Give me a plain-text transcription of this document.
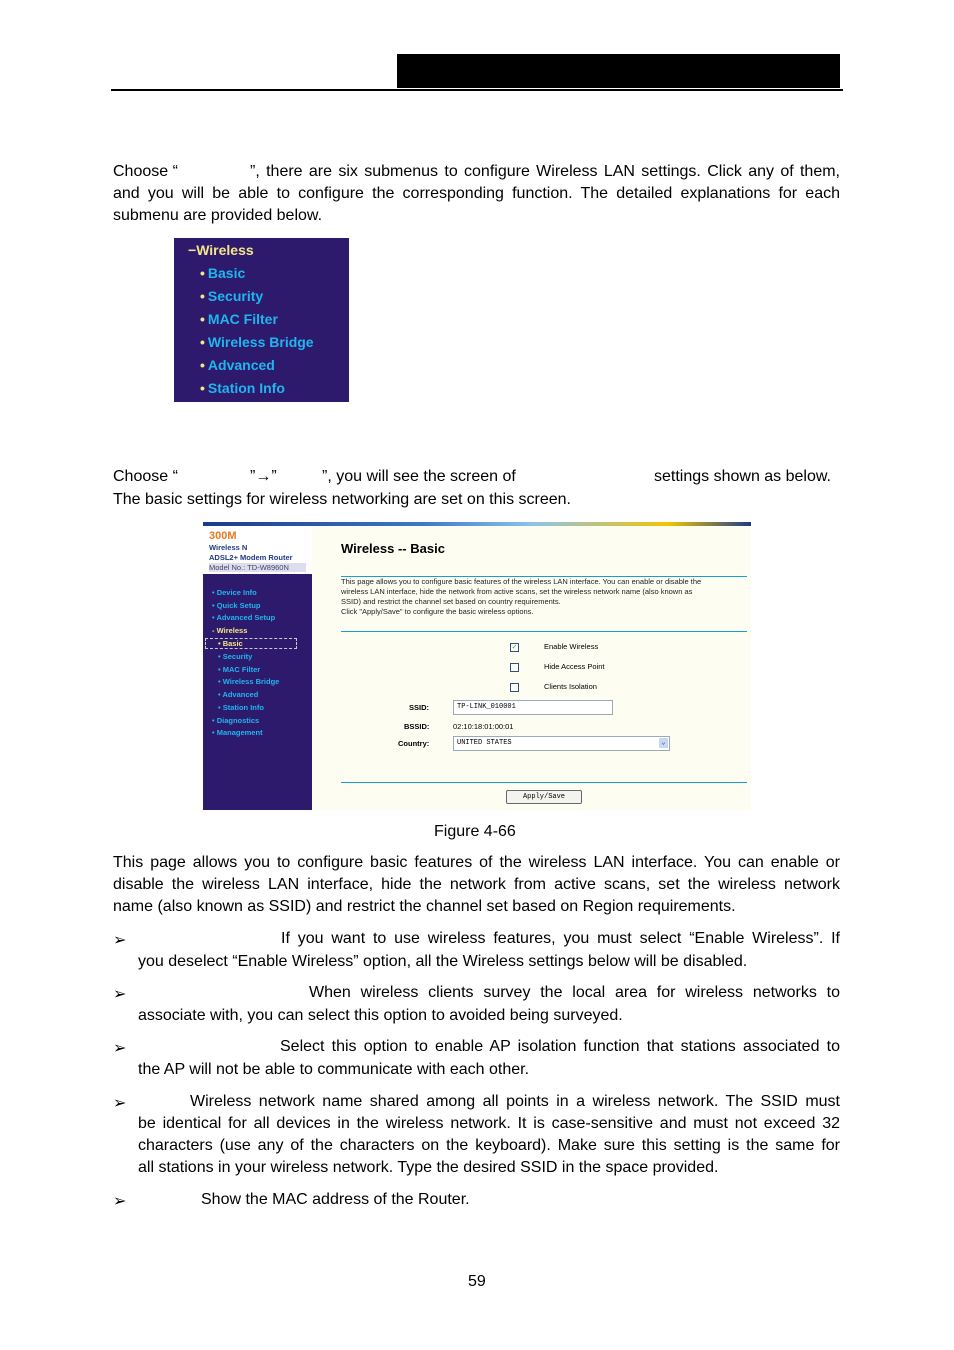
Choose “	”, there are six submenus to configure Wireless LAN settings. Click any of them,
and you will be able to configure the corresponding function. The detailed explanations for each
submenu are provided below.
−Wireless
• Basic
• Security
• MAC Filter
• Wireless Bridge
• Advanced
• Station Info
Choose “	”→”	”, you will see the screen of	settings shown as below.
The basic settings for wireless networking are set on this screen.
300M
Wireless N
ADSL2+ Modem Router
Model No.: TD-W8960N
• Device Info
• Quick Setup
• Advanced Setup
- Wireless
• Basic
• Security
• MAC Filter
• Wireless Bridge
• Advanced
• Station Info
• Diagnostics
• Management
Wireless -- Basic
This page allows you to configure basic features of the wireless LAN interface. You can enable or disable the
wireless LAN interface, hide the network from active scans, set the wireless network name (also known as
SSID) and restrict the channel set based on country requirements.
Click "Apply/Save" to configure the basic wireless options.
✓	Enable Wireless
Hide Access Point
Clients Isolation
SSID:	TP-LINK_010001
BSSID:	02:10:18:01:00:01
Country:	UNITED STATES	⌄
Apply/Save
Figure 4-66
This page allows you to configure basic features of the wireless LAN interface. You can enable or
disable the wireless LAN interface, hide the network from active scans, set the wireless network
name (also known as SSID) and restrict the channel set based on Region requirements.
➢	If you want to use wireless features, you must select “Enable Wireless”. If
you deselect “Enable Wireless” option, all the Wireless settings below will be disabled.
➢	When wireless clients survey the local area for wireless networks to
associate with, you can select this option to avoided being surveyed.
➢	Select this option to enable AP isolation function that stations associated to
the AP will not be able to communicate with each other.
➢	Wireless network name shared among all points in a wireless network. The SSID must
be identical for all devices in the wireless network. It is case-sensitive and must not exceed 32
characters (use any of the characters on the keyboard). Make sure this setting is the same for
all stations in your wireless network. Type the desired SSID in the space provided.
➢	Show the MAC address of the Router.
59
